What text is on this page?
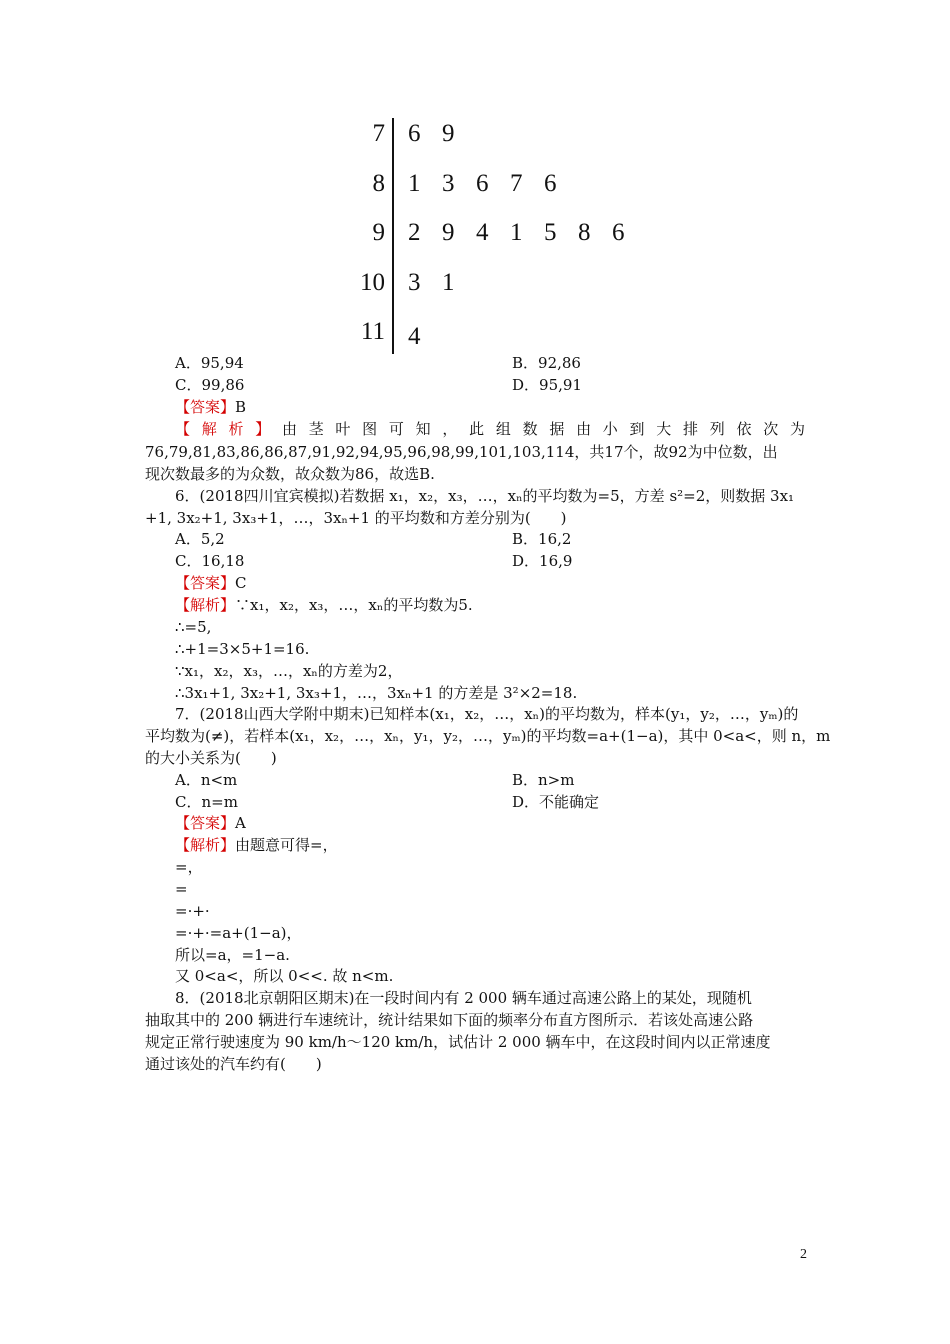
7 6 9
8 1 3 6 7 6
9 2 9 4 1 5 8 6
10 3 1
11 4
A．95,94	B．92,86
C．99,86	D．95,91
【答案】B
【解析】由茎叶图可知，此组数据由小到大排列依次为
76,79,81,83,86,86,87,91,92,94,95,96,98,99,101,103,114，共17个，故92为中位数，出
现次数最多的为众数，故众数为86，故选B.
6．(2018四川宜宾模拟)若数据 x₁，x₂，x₃，…，xₙ的平均数为=5，方差 s²=2，则数据 3x₁
+1, 3x₂+1, 3x₃+1，…，3xₙ+1 的平均数和方差分别为(　　)
A．5,2	B．16,2
C．16,18	D．16,9
【答案】C
【解析】∵x₁，x₂，x₃，…，xₙ的平均数为5.
∴=5,
∴+1=3×5+1=16.
∵x₁，x₂，x₃，…，xₙ的方差为2，
∴3x₁+1, 3x₂+1, 3x₃+1，…，3xₙ+1 的方差是 3²×2=18.
7．(2018山西大学附中期末)已知样本(x₁，x₂，…，xₙ)的平均数为，样本(y₁，y₂，…，yₘ)的
平均数为(≠)，若样本(x₁，x₂，…，xₙ，y₁，y₂，…，yₘ)的平均数=a+(1−a)，其中 0<a<，则 n，m
的大小关系为(　　)
A．n<m	B．n>m
C．n=m	D．不能确定
【答案】A
【解析】由题意可得=，
=，
=
=·+·
=·+·=a+(1−a)，
所以=a，=1−a.
又 0<a<，所以 0<<. 故 n<m.
8．(2018北京朝阳区期末)在一段时间内有 2 000 辆车通过高速公路上的某处，现随机
抽取其中的 200 辆进行车速统计，统计结果如下面的频率分布直方图所示．若该处高速公路
规定正常行驶速度为 90 km/h～120 km/h，试估计 2 000 辆车中，在这段时间内以正常速度
通过该处的汽车约有(　　)
2
